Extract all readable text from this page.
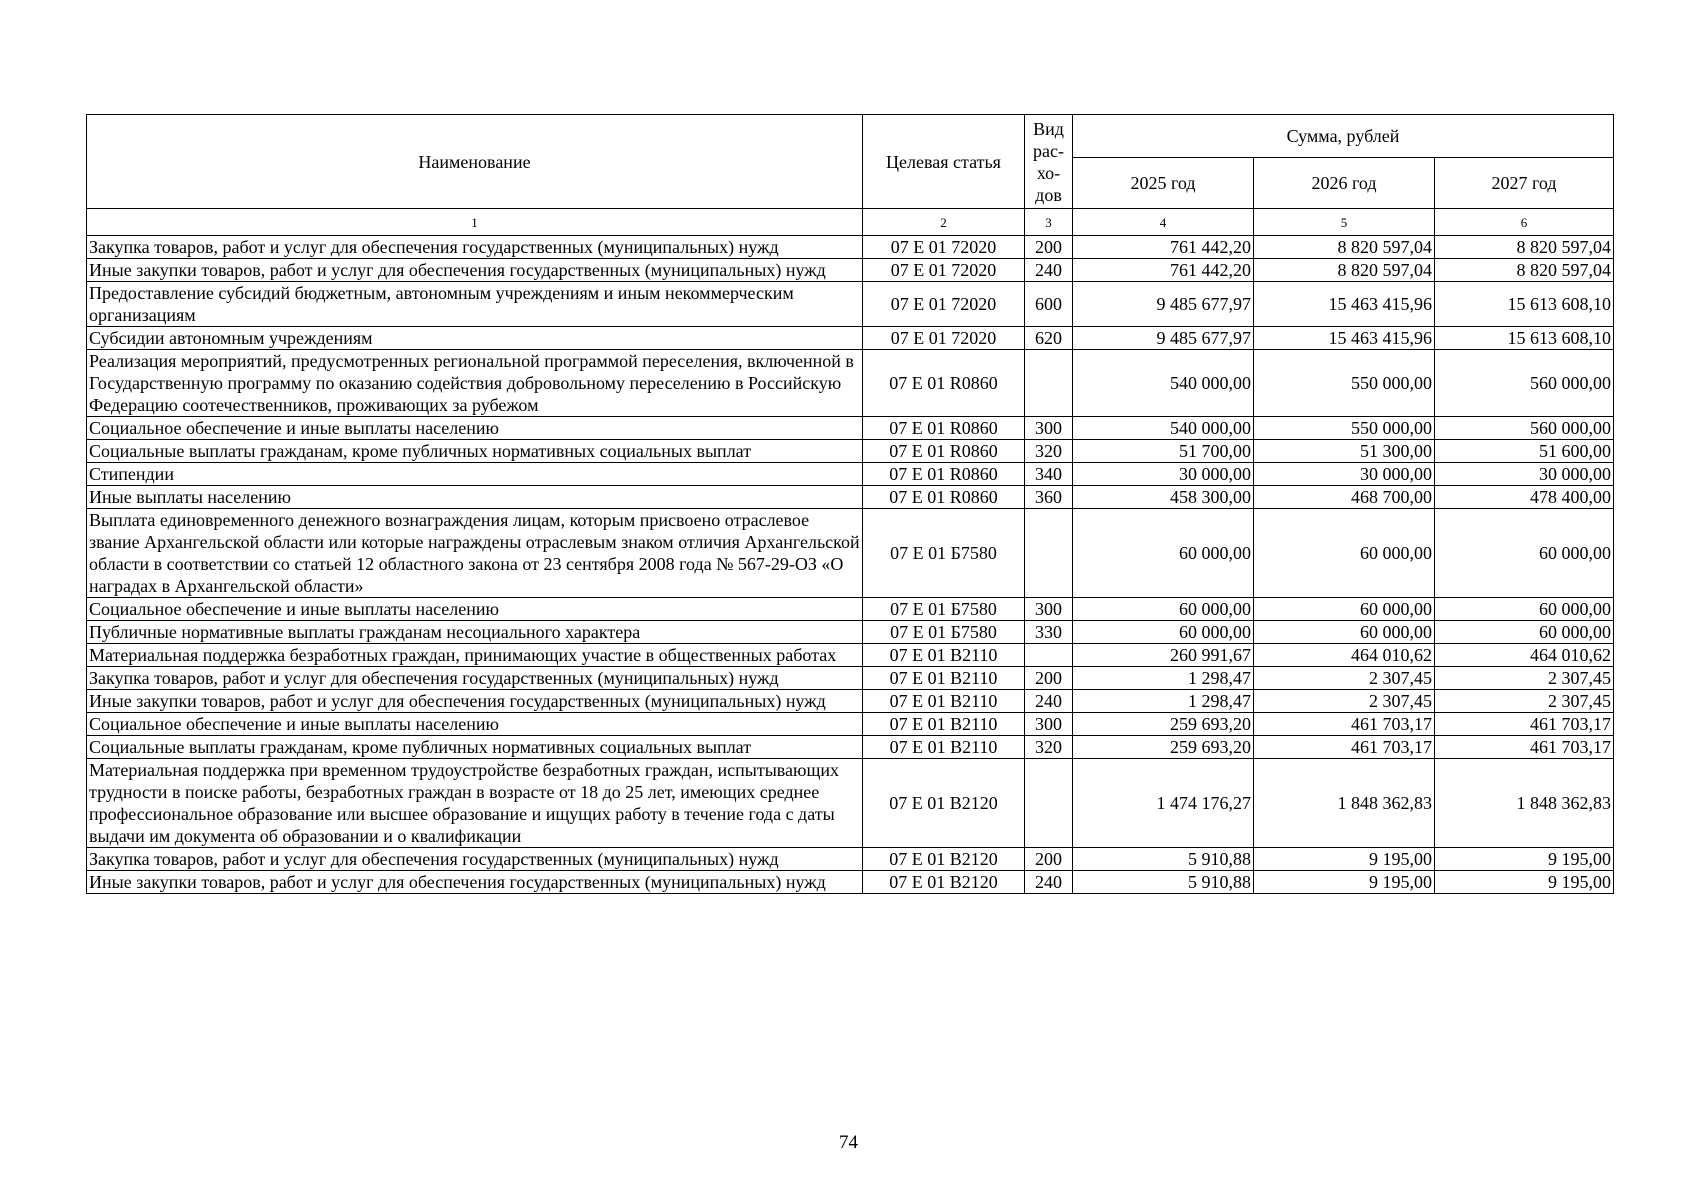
Наименование	Целевая статья	Вид рас-хо-дов	Сумма, рублей		
			2025 год	2026 год	2027 год
1	2	3	4	5	6
Закупка товаров, работ и услуг для обеспечения государственных (муниципальных) нужд	07 Е 01 72020	200	761 442,20	8 820 597,04	8 820 597,04
Иные закупки товаров, работ и услуг для обеспечения государственных (муниципальных) нужд	07 Е 01 72020	240	761 442,20	8 820 597,04	8 820 597,04
Предоставление субсидий бюджетным, автономным учреждениям и иным некоммерческим организациям	07 Е 01 72020	600	9 485 677,97	15 463 415,96	15 613 608,10
Субсидии автономным учреждениям	07 Е 01 72020	620	9 485 677,97	15 463 415,96	15 613 608,10
Реализация мероприятий, предусмотренных региональной программой переселения, включенной в Государственную программу по оказанию содействия добровольному переселению в Российскую Федерацию соотечественников, проживающих за рубежом	07 Е 01 R0860		540 000,00	550 000,00	560 000,00
Социальное обеспечение и иные выплаты населению	07 Е 01 R0860	300	540 000,00	550 000,00	560 000,00
Социальные выплаты гражданам, кроме публичных нормативных социальных выплат	07 Е 01 R0860	320	51 700,00	51 300,00	51 600,00
Стипендии	07 Е 01 R0860	340	30 000,00	30 000,00	30 000,00
Иные выплаты населению	07 Е 01 R0860	360	458 300,00	468 700,00	478 400,00
Выплата единовременного денежного вознаграждения лицам, которым присвоено отраслевое звание Архангельской области или которые награждены отраслевым знаком отличия Архангельской области в соответствии со статьей 12 областного закона от 23 сентября 2008 года № 567-29-ОЗ «О наградах в Архангельской области»	07 Е 01 Б7580		60 000,00	60 000,00	60 000,00
Социальное обеспечение и иные выплаты населению	07 Е 01 Б7580	300	60 000,00	60 000,00	60 000,00
Публичные нормативные выплаты гражданам несоциального характера	07 Е 01 Б7580	330	60 000,00	60 000,00	60 000,00
Материальная поддержка безработных граждан, принимающих участие в общественных работах	07 Е 01 В2110		260 991,67	464 010,62	464 010,62
Закупка товаров, работ и услуг для обеспечения государственных (муниципальных) нужд	07 Е 01 В2110	200	1 298,47	2 307,45	2 307,45
Иные закупки товаров, работ и услуг для обеспечения государственных (муниципальных) нужд	07 Е 01 В2110	240	1 298,47	2 307,45	2 307,45
Социальное обеспечение и иные выплаты населению	07 Е 01 В2110	300	259 693,20	461 703,17	461 703,17
Социальные выплаты гражданам, кроме публичных нормативных социальных выплат	07 Е 01 В2110	320	259 693,20	461 703,17	461 703,17
Материальная поддержка при временном трудоустройстве безработных граждан, испытывающих трудности в поиске работы, безработных граждан в возрасте от 18 до 25 лет, имеющих среднее профессиональное образование или высшее образование и ищущих работу в течение года с даты выдачи им документа об образовании и о квалификации	07 Е 01 В2120		1 474 176,27	1 848 362,83	1 848 362,83
Закупка товаров, работ и услуг для обеспечения государственных (муниципальных) нужд	07 Е 01 В2120	200	5 910,88	9 195,00	9 195,00
Иные закупки товаров, работ и услуг для обеспечения государственных (муниципальных) нужд	07 Е 01 В2120	240	5 910,88	9 195,00	9 195,00
74
